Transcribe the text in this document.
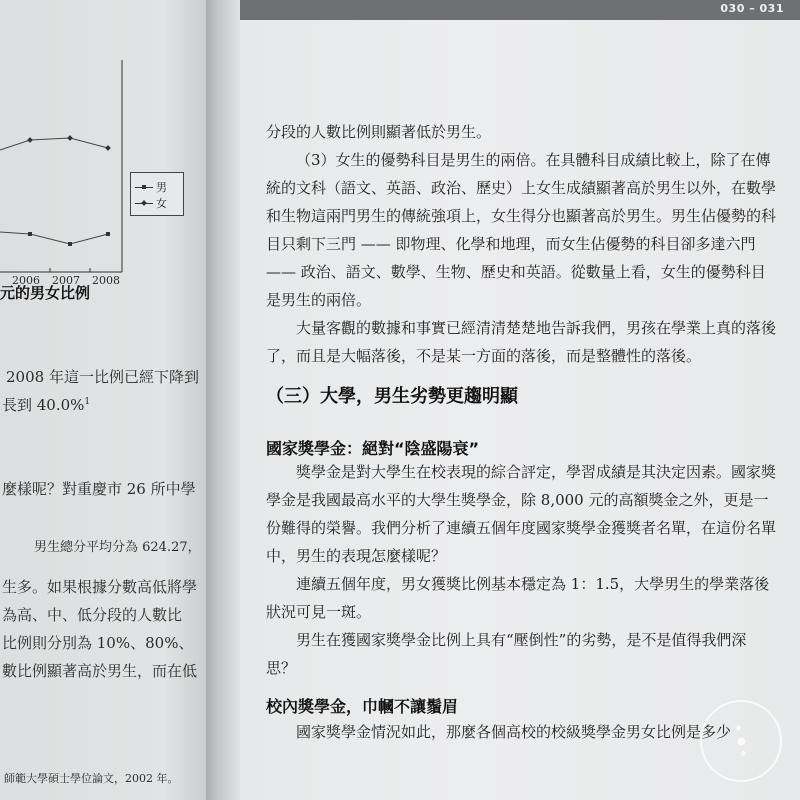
2006 2007 2008
男
女
元的男女比例
2008 年這一比例已經下降到
長到 40.0%$^1$
麼樣呢？對重慶市 26 所中學
男生總分平均分為 624.27，
生多。如果根據分數高低將學
為高、中、低分段的人數比
比例則分別為 10%、80%、
數比例顯著高於男生，而在低
師範大學碩士學位論文，2002 年。
030 – 031

分段的人數比例則顯著低於男生。

（3）女生的優勢科目是男生的兩倍。在具體科目成績比較上，除了在傳統的文科（語文、英語、政治、歷史）上女生成績顯著高於男生以外，在數學和生物這兩門男生的傳統強項上，女生得分也顯著高於男生。男生佔優勢的科目只剩下三門 —— 即物理、化學和地理，而女生佔優勢的科目卻多達六門 —— 政治、語文、數學、生物、歷史和英語。從數量上看，女生的優勢科目是男生的兩倍。

大量客觀的數據和事實已經清清楚楚地告訴我們，男孩在學業上真的落後了，而且是大幅落後，不是某一方面的落後，而是整體性的落後。

（三）大學，男生劣勢更趨明顯
國家獎學金：絕對“陰盛陽衰”

獎學金是對大學生在校表現的綜合評定，學習成績是其決定因素。國家獎學金是我國最高水平的大學生獎學金，除 8,000 元的高額獎金之外，更是一份難得的榮譽。我們分析了連續五個年度國家獎學金獲獎者名單，在這份名單中，男生的表現怎麼樣呢？

連續五個年度，男女獲獎比例基本穩定為 1：1.5，大學男生的學業落後狀況可見一斑。

男生在獲國家獎學金比例上具有“壓倒性”的劣勢，是不是值得我們深思？

校內獎學金，巾幗不讓鬚眉

國家獎學金情況如此，那麼各個高校的校級獎學金男女比例是多少 ★
●
★
